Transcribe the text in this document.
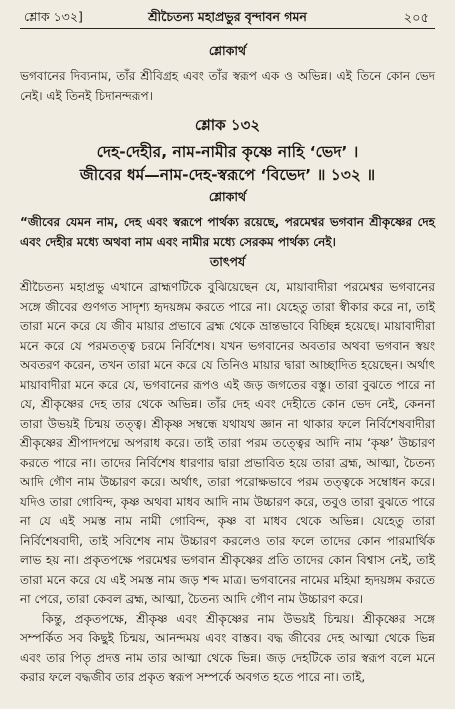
শ্লোক ১৩২]	শ্রীচৈতন্য মহাপ্রভুর বৃন্দাবন গমন	২০৫
শ্লোকার্থ

ভগবানের দিব্যনাম, তাঁর শ্রীবিগ্রহ এবং তাঁর স্বরূপ এক ও অভিন্ন। এই তিনে কোন ভেদ নেই। এই তিনই চিদানন্দরূপ।

শ্লোক ১৩২
দেহ-দেহীর, নাম-নামীর কৃষ্ণে নাহি ‘ভেদ’ ।
জীবের ধর্ম—নাম-দেহ-স্বরূপে ‘বিভেদ’ ॥ ১৩২ ॥
শ্লোকার্থ

“জীবের যেমন নাম, দেহ এবং স্বরূপে পার্থক্য রয়েছে, পরমেশ্বর ভগবান শ্রীকৃষ্ণের দেহ এবং দেহীর মধ্যে অথবা নাম এবং নামীর মধ্যে সেরকম পার্থক্য নেই।

তাৎপর্য

শ্রীচৈতন্য মহাপ্রভু এখানে ব্রাহ্মণটিকে বুঝিয়েছেন যে, মায়াবাদীরা পরমেশ্বর ভগবানের সঙ্গে জীবের গুণগত সাদৃশ্য হৃদয়ঙ্গম করতে পারে না। যেহেতু তারা স্বীকার করে না, তাই তারা মনে করে যে জীব মায়ার প্রভাবে ব্রহ্ম থেকে ভ্রান্তভাবে বিচ্ছিন্ন হয়েছে। মায়াবাদীরা মনে করে যে পরমতত্ত্ব চরমে নির্বিশেষ। যখন ভগবানের অবতার অথবা ভগবান স্বয়ং অবতরণ করেন, তখন তারা মনে করে যে তিনিও মায়ার দ্বারা আচ্ছাদিত হয়েছেন। অর্থাৎ মায়াবাদীরা মনে করে যে, ভগবানের রূপও এই জড় জগতের বস্তু। তারা বুঝতে পারে না যে, শ্রীকৃষ্ণের দেহ তার থেকে অভিন্ন। তাঁর দেহ এবং দেহীতে কোন ভেদ নেই, কেননা তারা উভয়ই চিন্ময় তত্ত্ব। শ্রীকৃষ্ণ সম্বন্ধে যথাযথ জ্ঞান না থাকার ফলে নির্বিশেষবাদীরা শ্রীকৃষ্ণের শ্রীপাদপদ্মে অপরাধ করে। তাই তারা পরম তত্ত্বের আদি নাম ‘কৃষ্ণ’ উচ্চারণ করতে পারে না। তাদের নির্বিশেষ ধারণার দ্বারা প্রভাবিত হয়ে তারা ব্রহ্ম, আত্মা, চৈতন্য আদি গৌণ নাম উচ্চারণ করে। অর্থাৎ, তারা পরোক্ষভাবে পরম তত্ত্বকে সম্বোধন করে। যদিও তারা গোবিন্দ, কৃষ্ণ অথবা মাধব আদি নাম উচ্চারণ করে, তবুও তারা বুঝতে পারে না যে এই সমস্ত নাম নামী গোবিন্দ, কৃষ্ণ বা মাধব থেকে অভিন্ন। যেহেতু তারা নির্বিশেষবাদী, তাই সবিশেষ নাম উচ্চারণ করলেও তার ফলে তাদের কোন পারমার্থিক লাভ হয় না। প্রকৃতপক্ষে পরমেশ্বর ভগবান শ্রীকৃষ্ণের প্রতি তাদের কোন বিশ্বাস নেই, তাই তারা মনে করে যে এই সমস্ত নাম জড় শব্দ মাত্র। ভগবানের নামের মহিমা হৃদয়ঙ্গম করতে না পেরে, তারা কেবল ব্রহ্ম, আত্মা, চৈতন্য আদি গৌণ নাম উচ্চারণ করে।

কিন্তু, প্রকৃতপক্ষে, শ্রীকৃষ্ণ এবং শ্রীকৃষ্ণের নাম উভয়ই চিন্ময়। শ্রীকৃষ্ণের সঙ্গে সম্পর্কিত সব কিছুই চিন্ময়, আনন্দময় এবং বাস্তব। বদ্ধ জীবের দেহ আত্মা থেকে ভিন্ন এবং তার পিতৃ প্রদত্ত নাম তার আত্মা থেকে ভিন্ন। জড় দেহটিকে তার স্বরূপ বলে মনে করার ফলে বদ্ধজীব তার প্রকৃত স্বরূপ সম্পর্কে অবগত হতে পারে না। তাই,
